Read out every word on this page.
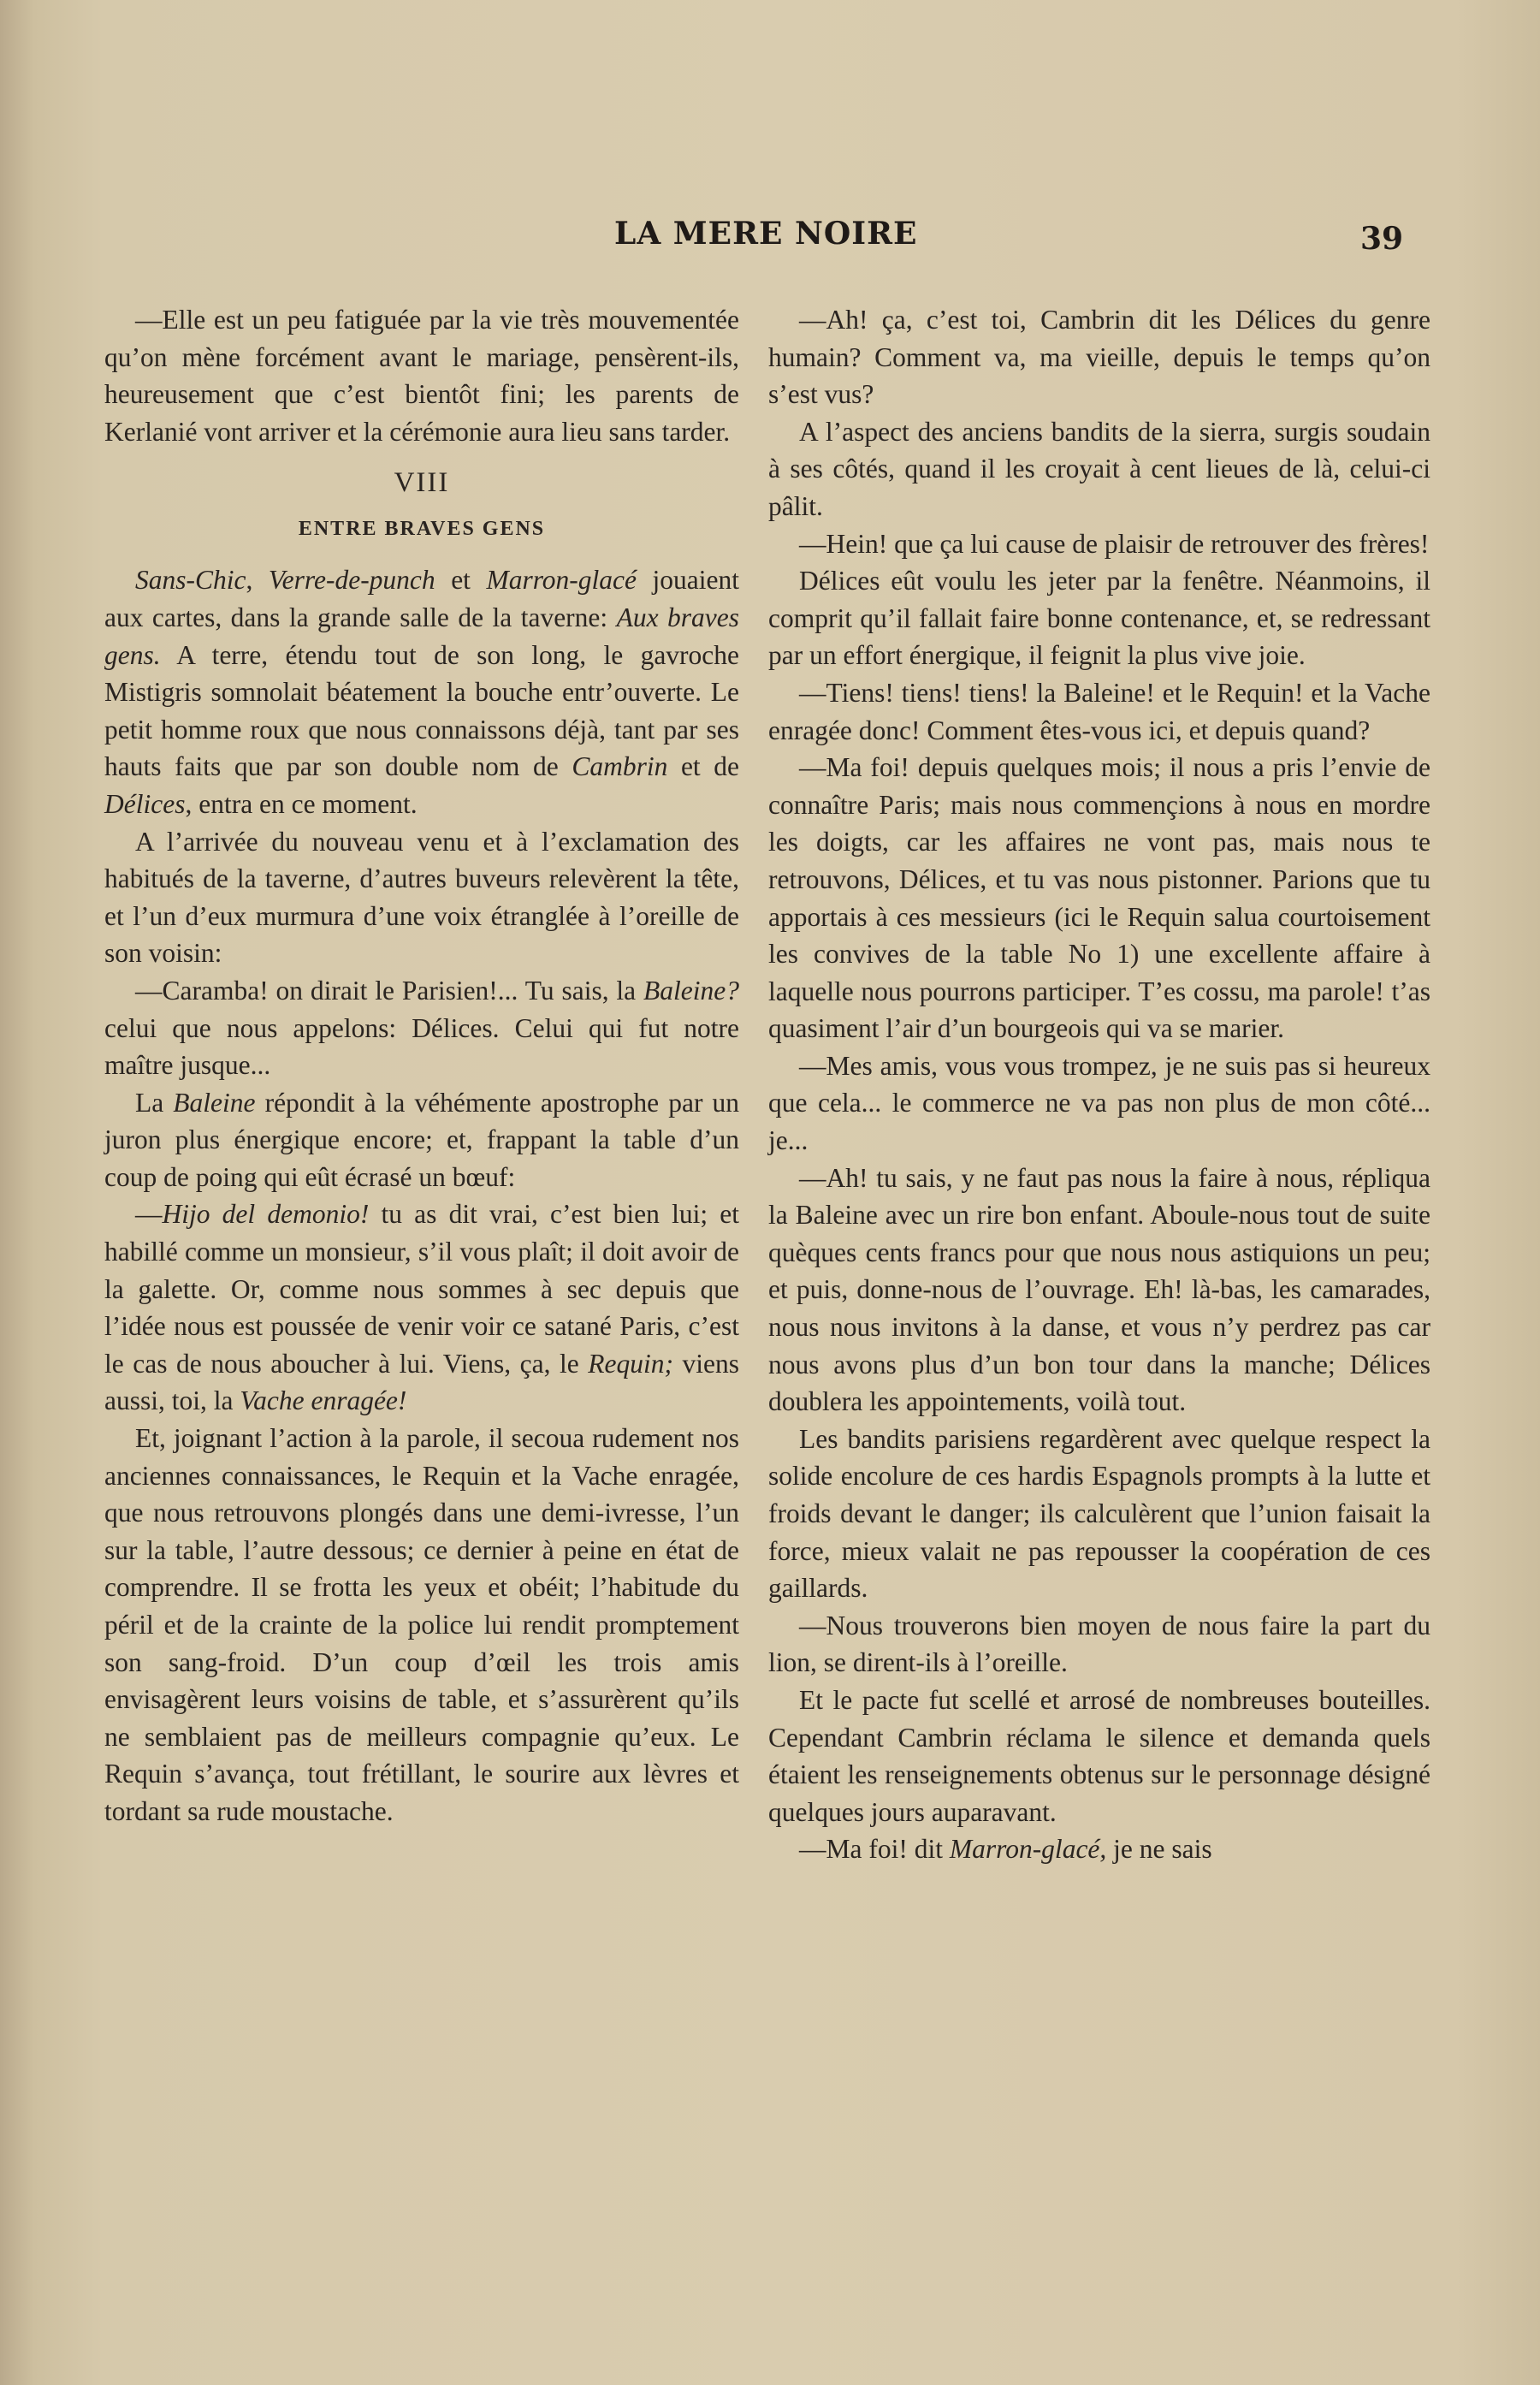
LA MERE NOIRE	39

—Elle est un peu fatiguée par la vie très mouvementée qu’on mène forcément avant le mariage, pensèrent-ils, heureusement que c’est bientôt fini; les parents de Kerlanié vont arriver et la cérémonie aura lieu sans tarder.

VIII
ENTRE BRAVES GENS

Sans-Chic, Verre-de-punch et Marron-glacé jouaient aux cartes, dans la grande salle de la taverne: Aux braves gens. A terre, étendu tout de son long, le gavroche Mistigris somnolait béatement la bouche entr’ouverte. Le petit homme roux que nous connaissons déjà, tant par ses hauts faits que par son double nom de Cambrin et de Délices, entra en ce moment.

A l’arrivée du nouveau venu et à l’exclamation des habitués de la taverne, d’autres buveurs relevèrent la tête, et l’un d’eux murmura d’une voix étranglée à l’oreille de son voisin:

—Caramba! on dirait le Parisien!... Tu sais, la Baleine? celui que nous appelons: Délices. Celui qui fut notre maître jusque...

La Baleine répondit à la véhémente apostrophe par un juron plus énergique encore; et, frappant la table d’un coup de poing qui eût écrasé un bœuf:

—Hijo del demonio! tu as dit vrai, c’est bien lui; et habillé comme un monsieur, s’il vous plaît; il doit avoir de la galette. Or, comme nous sommes à sec depuis que l’idée nous est poussée de venir voir ce satané Paris, c’est le cas de nous aboucher à lui. Viens, ça, le Requin; viens aussi, toi, la Vache enragée!

Et, joignant l’action à la parole, il secoua rudement nos anciennes connaissances, le Requin et la Vache enragée, que nous retrouvons plongés dans une demi-ivresse, l’un sur la table, l’autre dessous; ce dernier à peine en état de comprendre. Il se frotta les yeux et obéit; l’habitude du péril et de la crainte de la police lui rendit promptement son sang-froid. D’un coup d’œil les trois amis envisagèrent leurs voisins de table, et s’assurèrent qu’ils ne semblaient pas de meilleurs compagnie qu’eux. Le Requin s’avança, tout frétillant, le sourire aux lèvres et tordant sa rude moustache.

—Ah! ça, c’est toi, Cambrin dit les Délices du genre humain? Comment va, ma vieille, depuis le temps qu’on s’est vus?

A l’aspect des anciens bandits de la sierra, surgis soudain à ses côtés, quand il les croyait à cent lieues de là, celui-ci pâlit.

—Hein! que ça lui cause de plaisir de retrouver des frères!

Délices eût voulu les jeter par la fenêtre. Néanmoins, il comprit qu’il fallait faire bonne contenance, et, se redressant par un effort énergique, il feignit la plus vive joie.

—Tiens! tiens! tiens! la Baleine! et le Requin! et la Vache enragée donc! Comment êtes-vous ici, et depuis quand?

—Ma foi! depuis quelques mois; il nous a pris l’envie de connaître Paris; mais nous commençions à nous en mordre les doigts, car les affaires ne vont pas, mais nous te retrouvons, Délices, et tu vas nous pistonner. Parions que tu apportais à ces messieurs (ici le Requin salua courtoisement les convives de la table No 1) une excellente affaire à laquelle nous pourrons participer. T’es cossu, ma parole! t’as quasiment l’air d’un bourgeois qui va se marier.

—Mes amis, vous vous trompez, je ne suis pas si heureux que cela... le commerce ne va pas non plus de mon côté... je...

—Ah! tu sais, y ne faut pas nous la faire à nous, répliqua la Baleine avec un rire bon enfant. Aboule-nous tout de suite quèques cents francs pour que nous nous astiquions un peu; et puis, donne-nous de l’ouvrage. Eh! là-bas, les camarades, nous nous invitons à la danse, et vous n’y perdrez pas car nous avons plus d’un bon tour dans la manche; Délices doublera les appointements, voilà tout.

Les bandits parisiens regardèrent avec quelque respect la solide encolure de ces hardis Espagnols prompts à la lutte et froids devant le danger; ils calculèrent que l’union faisait la force, mieux valait ne pas repousser la coopération de ces gaillards.

—Nous trouverons bien moyen de nous faire la part du lion, se dirent-ils à l’oreille.

Et le pacte fut scellé et arrosé de nombreuses bouteilles. Cependant Cambrin réclama le silence et demanda quels étaient les renseignements obtenus sur le personnage désigné quelques jours auparavant.

—Ma foi! dit Marron-glacé, je ne sais
